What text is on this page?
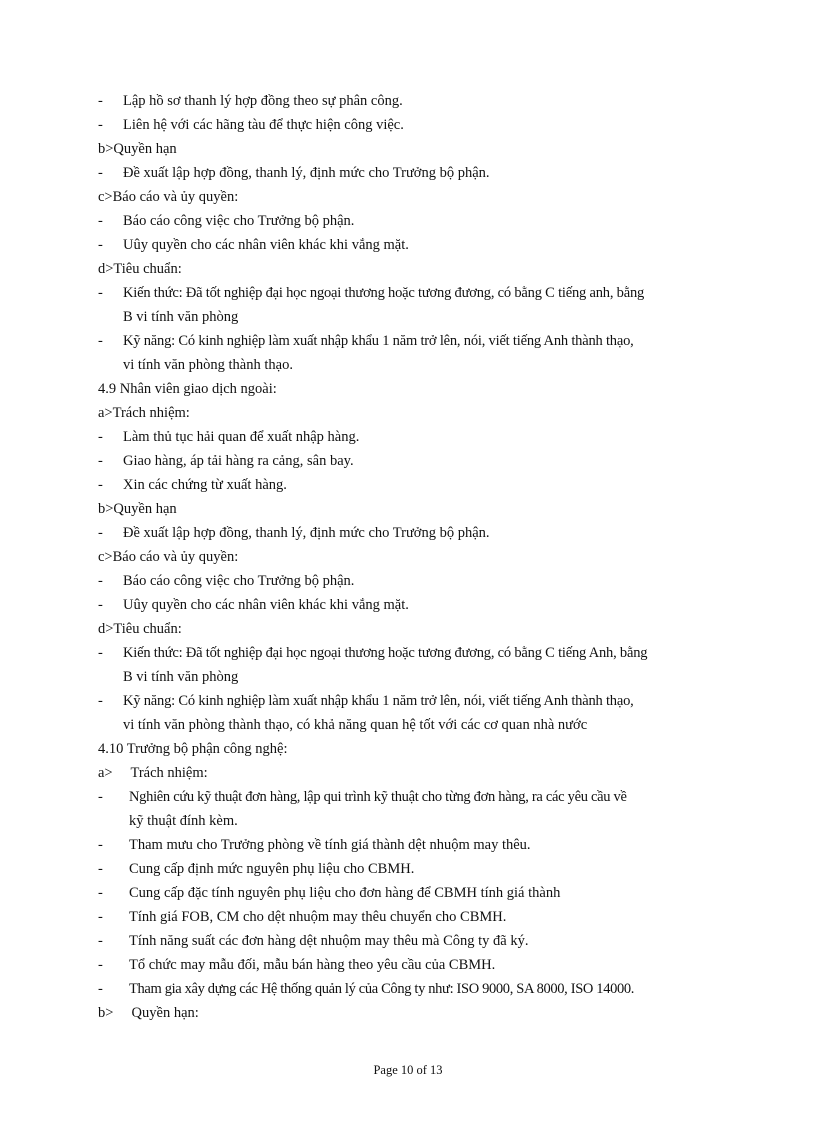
- Lập hồ sơ thanh lý hợp đồng theo sự phân công.
- Liên hệ với các hãng tàu để thực hiện công việc.
b>Quyền hạn
- Đề xuất lập hợp đồng, thanh lý, định mức cho Trưởng bộ phận.
c>Báo cáo và ủy quyền:
- Báo cáo công việc cho Trưởng bộ phận.
- Uûy quyền cho các nhân viên khác khi vắng mặt.
d>Tiêu chuẩn:
- Kiến thức: Đã tốt nghiệp đại học ngoại thương hoặc tương đương, có bằng C tiếng anh, bằng
B vi tính văn phòng
- Kỹ năng: Có kinh nghiệp làm xuất nhập khẩu 1 năm trở lên, nói, viết tiếng Anh thành thạo,
vi tính văn phòng thành thạo.
4.9 Nhân viên giao dịch ngoài:
a>Trách nhiệm:
- Làm thủ tục hải quan để xuất nhập hàng.
- Giao hàng, áp tải hàng ra cảng, sân bay.
- Xin các chứng từ xuất hàng.
b>Quyền hạn
- Đề xuất lập hợp đồng, thanh lý, định mức cho Trưởng bộ phận.
c>Báo cáo và ủy quyền:
- Báo cáo công việc cho Trưởng bộ phận.
- Uûy quyền cho các nhân viên khác khi vắng mặt.
d>Tiêu chuẩn:
- Kiến thức: Đã tốt nghiệp đại học ngoại thương hoặc tương đương, có bằng C tiếng Anh, bằng
B vi tính văn phòng
- Kỹ năng: Có kinh nghiệp làm xuất nhập khẩu 1 năm trở lên, nói, viết tiếng Anh thành thạo,
vi tính văn phòng thành thạo, có khả năng quan hệ tốt với các cơ quan nhà nước
4.10 Trưởng bộ phận công nghệ:
a>     Trách nhiệm:
- Nghiên cứu kỹ thuật đơn hàng, lập qui trình kỹ thuật cho từng đơn hàng, ra các yêu cầu về
kỹ thuật đính kèm.
- Tham mưu cho Trưởng phòng về tính giá thành dệt nhuộm may thêu.
- Cung cấp định mức nguyên phụ liệu cho CBMH.
- Cung cấp đặc tính nguyên phụ liệu cho đơn hàng để CBMH tính giá thành
- Tính giá FOB, CM cho dệt nhuộm may thêu chuyển cho CBMH.
- Tính năng suất các đơn hàng dệt nhuộm may thêu mà Công ty đã ký.
- Tổ chức may mẫu đối, mẫu bán hàng theo yêu cầu của CBMH.
- Tham gia xây dựng các Hệ thống quản lý của Công ty như: ISO 9000, SA 8000, ISO 14000.
b>     Quyền hạn:
Page 10 of 13
